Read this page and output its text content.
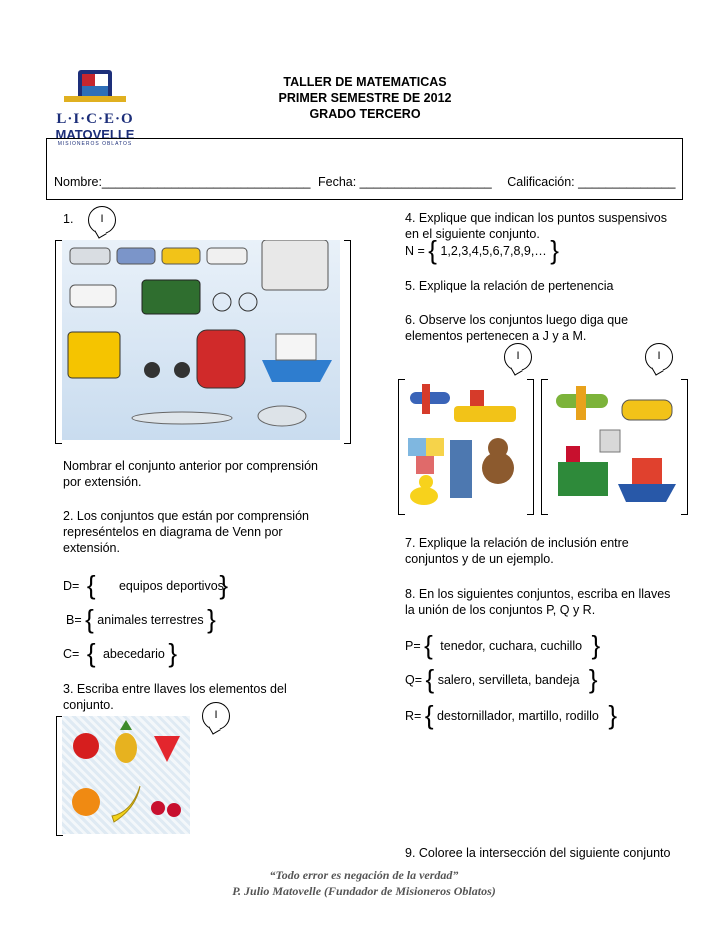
L·I·C·E·O
MATOVELLE
MISIONEROS OBLATOS
TALLER DE MATEMATICAS
PRIMER SEMESTRE DE 2012
GRADO TERCERO
Nombre:______________________________ Fecha: ___________________ Calificación: ______________
1.	I
Nombrar el conjunto anterior por comprensión
por extensión.
2. Los conjuntos que están por comprensión
represéntelos en diagrama de Venn por
extensión.
D= { equipos deportivos }
B= { animales terrestres }
C= { abecedario }
3. Escriba entre llaves los elementos del
conjunto.
I
4. Explique que indican los puntos suspensivos
en el siguiente conjunto.
N = { 1,2,3,4,5,6,7,8,9,… }
5. Explique la relación de pertenencia
6. Observe los conjuntos luego diga que
elementos pertenecen a J y a M.
I	I
7. Explique la relación de inclusión entre
conjuntos y de un ejemplo.
8. En los siguientes conjuntos, escriba en llaves
la unión de los conjuntos P, Q y R.
P= { tenedor, cuchara, cuchillo }
Q= { salero, servilleta, bandeja }
R= { destornillador, martillo, rodillo }
9. Coloree la intersección del siguiente conjunto
“Todo error es negación de la verdad”
P. Julio Matovelle (Fundador de Misioneros Oblatos)
